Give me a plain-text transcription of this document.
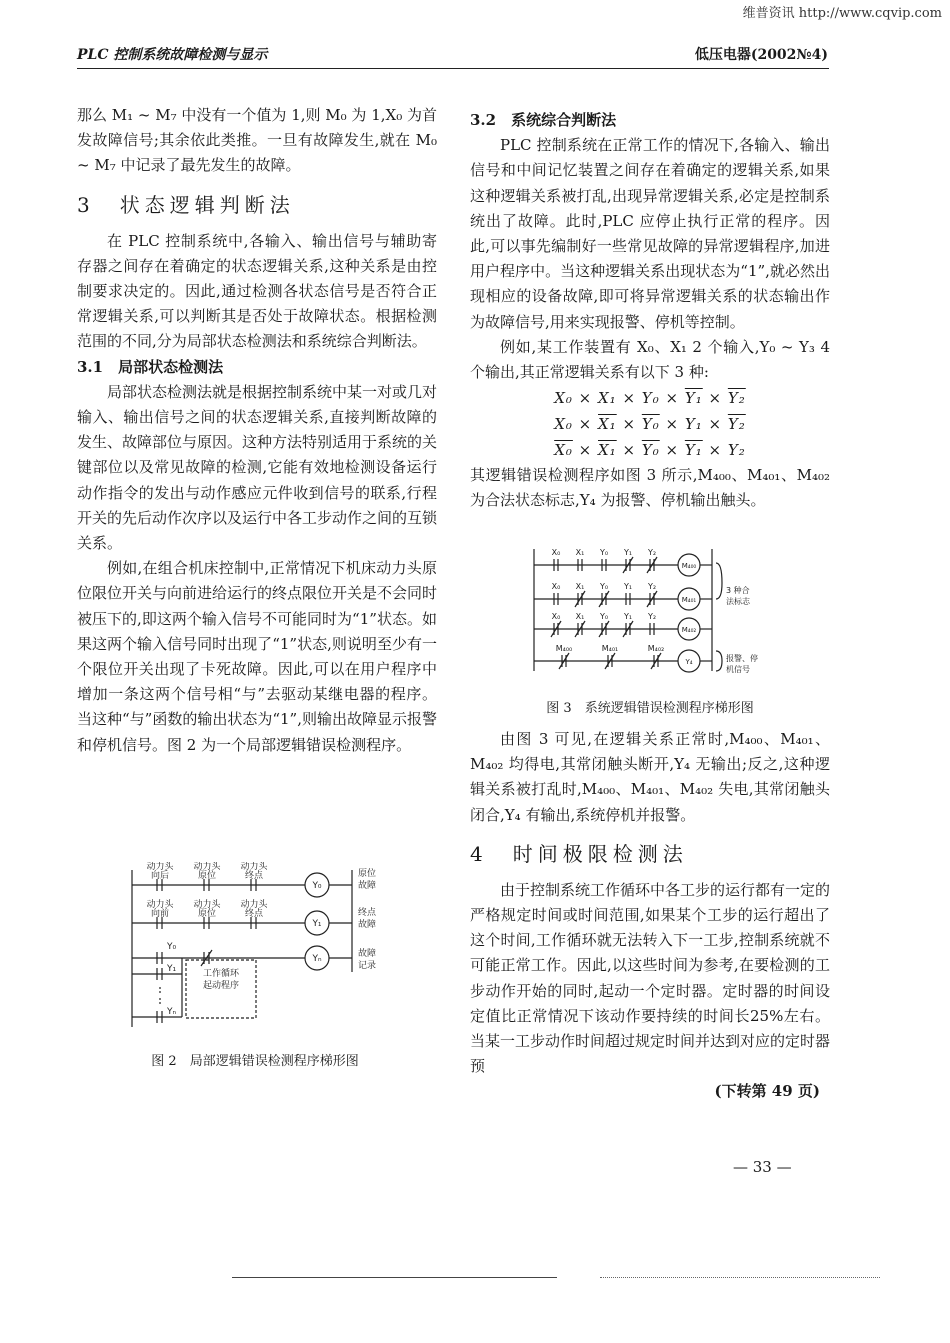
维普资讯 http://www.cqvip.com
PLC 控制系统故障检测与显示	低压电器(2002№4)

那么 M₁ ~ M₇ 中没有一个值为 1,则 M₀ 为 1,X₀ 为首发故障信号;其余依此类推。一旦有故障发生,就在 M₀ ~ M₇ 中记录了最先发生的故障。

3　状态逻辑判断法

在 PLC 控制系统中,各输入、输出信号与辅助寄存器之间存在着确定的状态逻辑关系,这种关系是由控制要求决定的。因此,通过检测各状态信号是否符合正常逻辑关系,可以判断其是否处于故障状态。根据检测范围的不同,分为局部状态检测法和系统综合判断法。

3.1　局部状态检测法

局部状态检测法就是根据控制系统中某一对或几对输入、输出信号之间的状态逻辑关系,直接判断故障的发生、故障部位与原因。这种方法特别适用于系统的关键部位以及常见故障的检测,它能有效地检测设备运行动作指令的发出与动作感应元件收到信号的联系,行程开关的先后动作次序以及运行中各工步动作之间的互锁关系。

例如,在组合机床控制中,正常情况下机床动力头原位限位开关与向前进给运行的终点限位开关是不会同时被压下的,即这两个输入信号不可能同时为“1”状态。如果这两个输入信号同时出现了“1”状态,则说明至少有一个限位开关出现了卡死故障。因此,可以在用户程序中增加一条这两个信号相“与”去驱动某继电器的程序。当这种“与”函数的输出状态为“1”,则输出故障显示报警和停机信号。图 2 为一个局部逻辑错误检测程序。

动力头
向后
动力头
原位
动力头
终点
动力头
向前
动力头
原位
动力头
终点
Y₀
Y₁
Yₙ
原位
故障
终点
故障
故障
记录
Y₀
Y₁
Yₙ
工作循环
起动程序

图 2　局部逻辑错误检测程序梯形图

3.2　系统综合判断法

PLC 控制系统在正常工作的情况下,各输入、输出信号和中间记忆装置之间存在着确定的逻辑关系,如果这种逻辑关系被打乱,出现异常逻辑关系,必定是控制系统出了故障。此时,PLC 应停止执行正常的程序。因此,可以事先编制好一些常见故障的异常逻辑程序,加进用户程序中。当这种逻辑关系出现状态为“1”,就必然出现相应的设备故障,即可将异常逻辑关系的状态输出作为故障信号,用来实现报警、停机等控制。

例如,某工作装置有 X₀、X₁ 2 个输入,Y₀ ~ Y₃ 4 个输出,其正常逻辑关系有以下 3 种:

X₀ × X₁ × Y₀ × Y₁ × Y₂
X₀ × X₁ × Y₀ × Y₁ × Y₂
X₀ × X₁ × Y₀ × Y₁ × Y₂

其逻辑错误检测程序如图 3 所示,M₄₀₀、M₄₀₁、M₄₀₂ 为合法状态标志,Y₄ 为报警、停机输出触头。

X₀ X₁ Y₀ Y₁ Y₂
X₀ X₁ Y₀ Y₁ Y₂
X₀ X₁ Y₀ Y₁ Y₂
M₄₀₀	M₄₀₁	M₄₀₂
M₄₀₀
M₄₀₁
M₄₀₂
Y₄
3 种合
法标志
报警、停
机信号

图 3　系统逻辑错误检测程序梯形图

由图 3 可见,在逻辑关系正常时,M₄₀₀、M₄₀₁、M₄₀₂ 均得电,其常闭触头断开,Y₄ 无输出;反之,这种逻辑关系被打乱时,M₄₀₀、M₄₀₁、M₄₀₂ 失电,其常闭触头闭合,Y₄ 有输出,系统停机并报警。

4　时间极限检测法

由于控制系统工作循环中各工步的运行都有一定的严格规定时间或时间范围,如果某个工步的运行超出了这个时间,工作循环就无法转入下一工步,控制系统就不可能正常工作。因此,以这些时间为参考,在要检测的工步动作开始的同时,起动一个定时器。定时器的时间设定值比正常情况下该动作要持续的时间长25%左右。当某一工步动作时间超过规定时间并达到对应的定时器预

(下转第 49 页)

— 33 —
